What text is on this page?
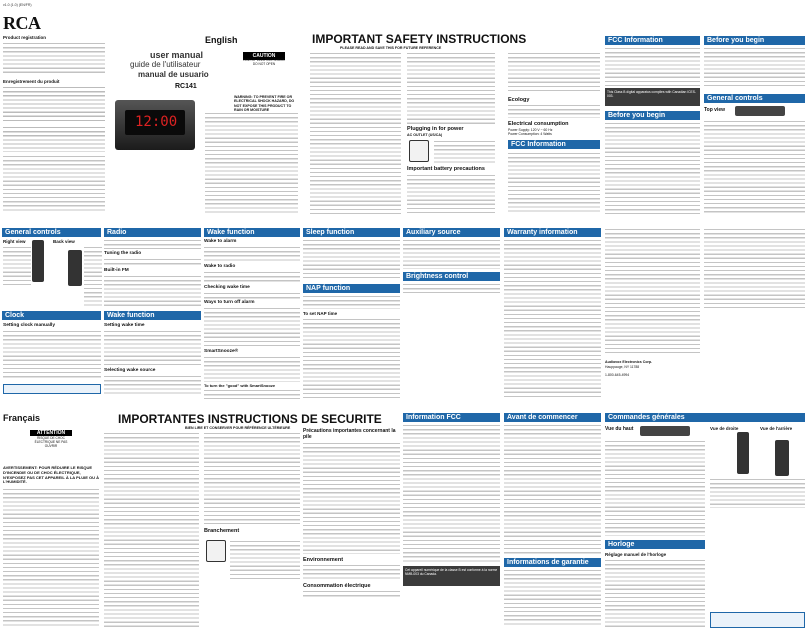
v1.0 (1.0) (EN/FR)
RCA
Product registration
Enregistrement du produit
user manual
guide de l'utilisateur
manual de usuario
RC141
12:00
English
CAUTION
RISK OF ELECTRIC SHOCK DO NOT OPEN
WARNING: TO PREVENT FIRE OR ELECTRICAL SHOCK HAZARD, DO NOT EXPOSE THIS PRODUCT TO RAIN OR MOISTURE
IMPORTANT SAFETY INSTRUCTIONS
PLEASE READ AND SAVE THIS FOR FUTURE REFERENCE
Plugging in for power
AC OUTLET (US/CA)
Important battery precautions
Ecology
Electrical consumption
Power Supply: 120 V ~ 60 Hz
Power Consumption: 4 Watts
FCC Information
FCC Information
This Class B digital apparatus complies with Canadian ICES-003.
Before you begin
General controls
Before you begin
Top view
General controls
Right view	Back view
Clock
Setting clock manually
Radio
Tuning the radio
Built-in FM
Wake function
Setting wake time
Selecting wake source
Wake function
Wake to alarm
Wake to radio
Checking wake time
Ways to turn off alarm
SmartSnooze®
To turn the "good" with SmartSnooze
Sleep function
NAP function
To set NAP time
Auxiliary source
Brightness control
Warranty information
Audiovox Electronics Corp.
Hauppauge, NY 11788
1-800-645-4994
Français
ATTENTION
RISQUE DE CHOC ÉLECTRIQUE NE PAS OUVRIR
AVERTISSEMENT: POUR RÉDUIRE LE RISQUE D'INCENDIE OU DE CHOC ÉLECTRIQUE, N'EXPOSEZ PAS CET APPAREIL À LA PLUIE OU À L'HUMIDITÉ.
IMPORTANTES INSTRUCTIONS DE SECURITE
BIEN LIRE ET CONSERVER POUR RÉFÉRENCE ULTÉRIEURE
Branchement
Précautions importantes concernant la pile
Environnement
Consommation électrique
Information FCC
Cet appareil numérique de la classe B est conforme à la norme NMB-003 du Canada.
Avant de commencer
Informations de garantie
Commandes générales
Vue de droite	Vue de l'arrière
Vue du haut
Horloge
Réglage manuel de l'horloge
